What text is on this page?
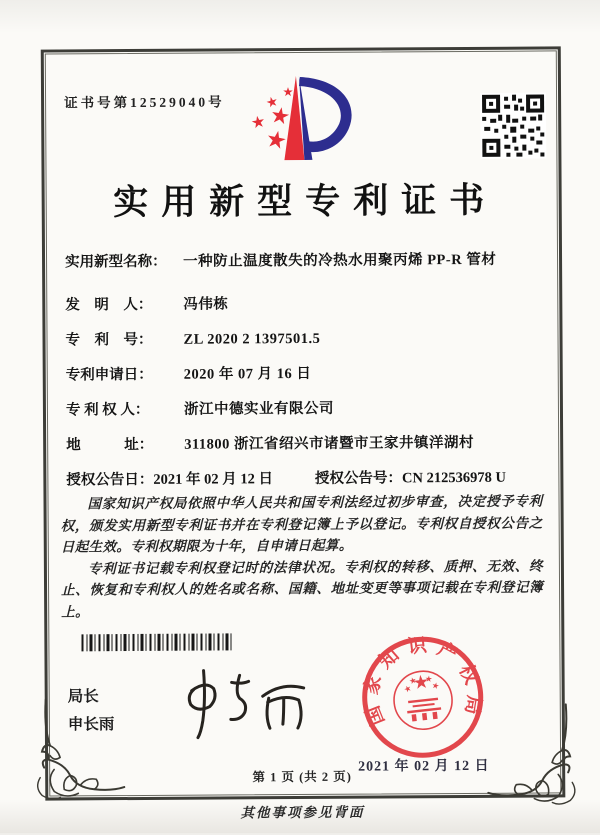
证书号第12529040号
实用新型专利证书
实用新型名称：	一种防止温度散失的冷热水用聚丙烯 PP-R 管材
发　明　人：	冯伟栋
专　利　号：	ZL 2020 2 1397501.5
专利申请日：	2020 年 07 月 16 日
专 利 权 人：	浙江中德实业有限公司
地　　　址：	311800 浙江省绍兴市诸暨市王家井镇洋湖村
授权公告日： 2021 年 02 月 12 日	授权公告号： CN 212536978 U

国家知识产权局依照中华人民共和国专利法经过初步审查，决定授予专利权，颁发实用新型专利证书并在专利登记簿上予以登记。专利权自授权公告之日起生效。专利权期限为十年，自申请日起算。

专利证书记载专利权登记时的法律状况。专利权的转移、质押、无效、终止、恢复和专利权人的姓名或名称、国籍、地址变更等事项记载在专利登记簿上。

局长
申长雨	国家知识产权局
2021 年 02 月 12 日
第 1 页 (共 2 页)
其他事项参见背面
